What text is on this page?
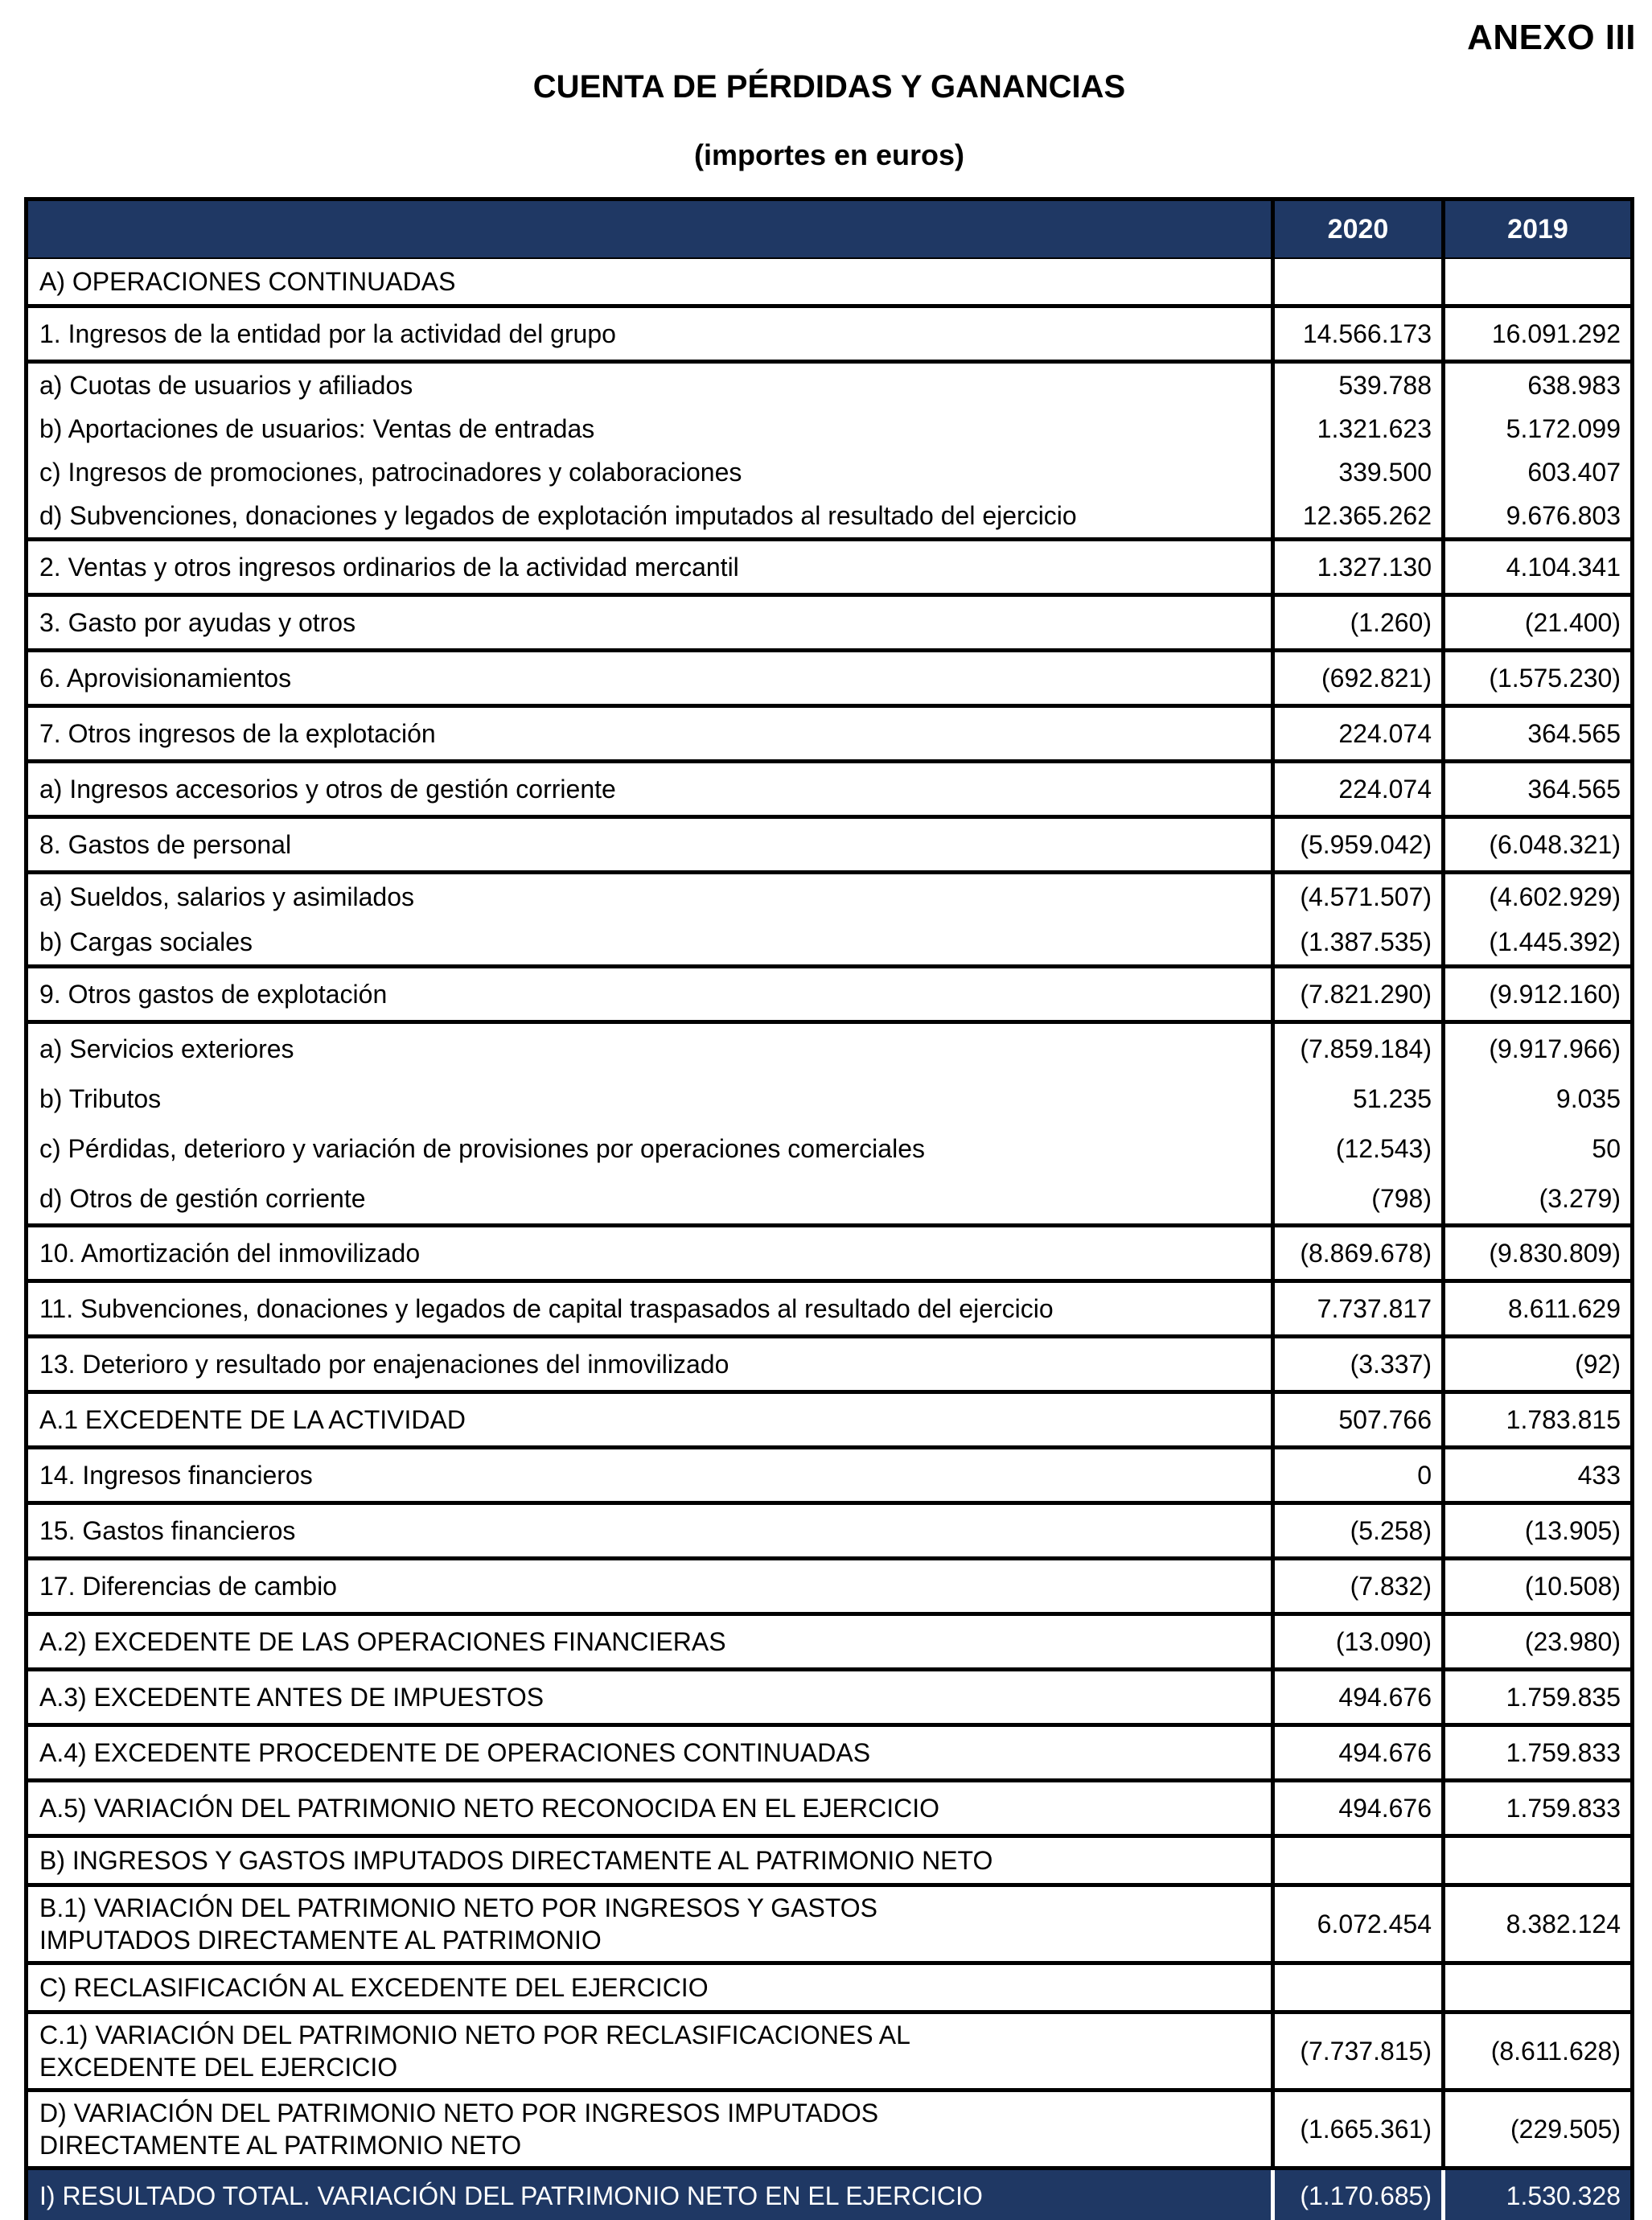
ANEXO III
CUENTA DE PÉRDIDAS Y GANANCIAS
(importes en euros)
2020	2019
A) OPERACIONES CONTINUADAS
1. Ingresos de la entidad por la actividad del grupo	14.566.173	16.091.292
a) Cuotas de usuarios y afiliados	539.788	638.983
b) Aportaciones de usuarios: Ventas de entradas	1.321.623	5.172.099
c) Ingresos de promociones, patrocinadores y colaboraciones	339.500	603.407
d) Subvenciones, donaciones y legados de explotación imputados al resultado del ejercicio	12.365.262	9.676.803
2. Ventas y otros ingresos ordinarios de la actividad mercantil	1.327.130	4.104.341
3. Gasto por ayudas y otros	(1.260)	(21.400)
6. Aprovisionamientos	(692.821)	(1.575.230)
7. Otros ingresos de la explotación	224.074	364.565
a) Ingresos accesorios y otros de gestión corriente	224.074	364.565
8. Gastos de personal	(5.959.042)	(6.048.321)
a) Sueldos, salarios y asimilados	(4.571.507)	(4.602.929)
b) Cargas sociales	(1.387.535)	(1.445.392)
9. Otros gastos de explotación	(7.821.290)	(9.912.160)
a) Servicios exteriores	(7.859.184)	(9.917.966)
b) Tributos	51.235	9.035
c) Pérdidas, deterioro y variación de provisiones por operaciones comerciales	(12.543)	50
d) Otros de gestión corriente	(798)	(3.279)
10. Amortización del inmovilizado	(8.869.678)	(9.830.809)
11. Subvenciones, donaciones y legados de capital traspasados al resultado del ejercicio	7.737.817	8.611.629
13. Deterioro y resultado por enajenaciones del inmovilizado	(3.337)	(92)
A.1 EXCEDENTE DE LA ACTIVIDAD	507.766	1.783.815
14. Ingresos financieros	0	433
15. Gastos financieros	(5.258)	(13.905)
17. Diferencias de cambio	(7.832)	(10.508)
A.2) EXCEDENTE DE LAS OPERACIONES FINANCIERAS	(13.090)	(23.980)
A.3) EXCEDENTE ANTES DE IMPUESTOS	494.676	1.759.835
A.4) EXCEDENTE PROCEDENTE DE OPERACIONES CONTINUADAS	494.676	1.759.833
A.5) VARIACIÓN DEL PATRIMONIO NETO RECONOCIDA EN EL EJERCICIO	494.676	1.759.833
B) INGRESOS Y GASTOS IMPUTADOS DIRECTAMENTE AL PATRIMONIO NETO
B.1) VARIACIÓN DEL PATRIMONIO NETO POR INGRESOS Y GASTOS IMPUTADOS DIRECTAMENTE AL PATRIMONIO
6.072.454	8.382.124
C) RECLASIFICACIÓN AL EXCEDENTE DEL EJERCICIO
C.1) VARIACIÓN DEL PATRIMONIO NETO POR RECLASIFICACIONES AL EXCEDENTE DEL EJERCICIO
(7.737.815)	(8.611.628)
D) VARIACIÓN DEL PATRIMONIO NETO POR INGRESOS IMPUTADOS DIRECTAMENTE AL PATRIMONIO NETO
(1.665.361)	(229.505)
I) RESULTADO TOTAL. VARIACIÓN DEL PATRIMONIO NETO EN EL EJERCICIO	(1.170.685)	1.530.328
